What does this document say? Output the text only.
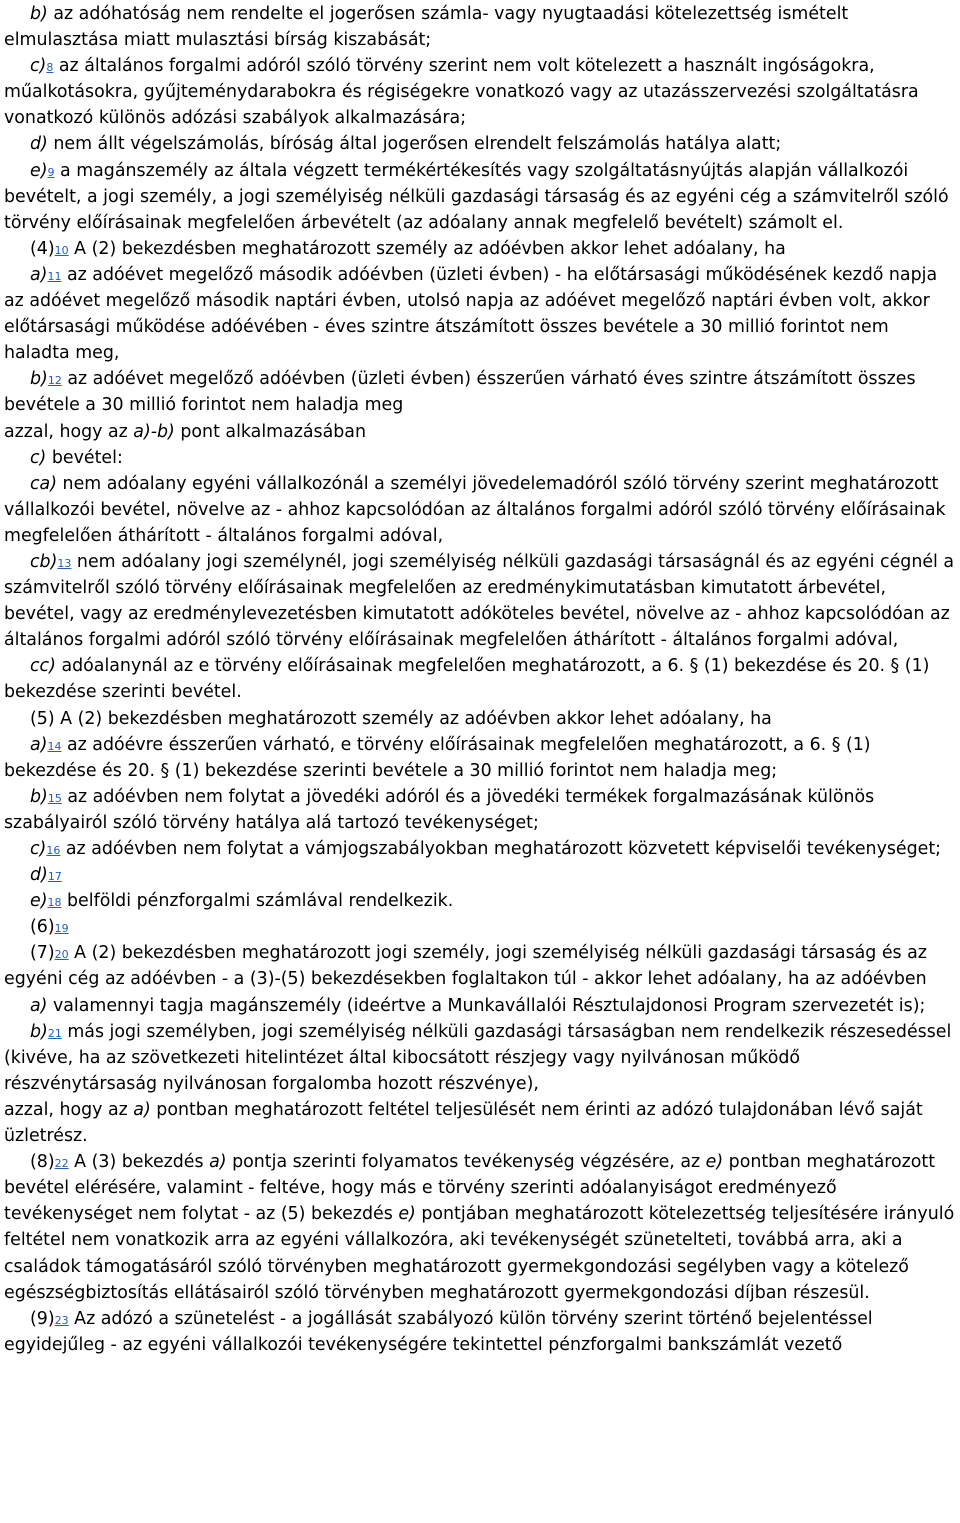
b) az adóhatóság nem rendelte el jogerősen számla- vagy nyugtaadási kötelezettség ismételt elmulasztása miatt mulasztási bírság kiszabását;

c)8 az általános forgalmi adóról szóló törvény szerint nem volt kötelezett a használt ingóságokra, műalkotásokra, gyűjteménydarabokra és régiségekre vonatkozó vagy az utazásszervezési szolgáltatásra vonatkozó különös adózási szabályok alkalmazására;

d) nem állt végelszámolás, bíróság által jogerősen elrendelt felszámolás hatálya alatt;

e)9 a magánszemély az általa végzett termékértékesítés vagy szolgáltatásnyújtás alapján vállalkozói bevételt, a jogi személy, a jogi személyiség nélküli gazdasági társaság és az egyéni cég a számvitelről szóló törvény előírásainak megfelelően árbevételt (az adóalany annak megfelelő bevételt) számolt el.

(4)10 A (2) bekezdésben meghatározott személy az adóévben akkor lehet adóalany, ha

a)11 az adóévet megelőző második adóévben (üzleti évben) - ha előtársasági működésének kezdő napja az adóévet megelőző második naptári évben, utolsó napja az adóévet megelőző naptári évben volt, akkor előtársasági működése adóévében - éves szintre átszámított összes bevétele a 30 millió forintot nem haladta meg,

b)12 az adóévet megelőző adóévben (üzleti évben) ésszerűen várható éves szintre átszámított összes bevétele a 30 millió forintot nem haladja meg

azzal, hogy az a)-b) pont alkalmazásában

c) bevétel:

ca) nem adóalany egyéni vállalkozónál a személyi jövedelemadóról szóló törvény szerint meghatározott vállalkozói bevétel, növelve az - ahhoz kapcsolódóan az általános forgalmi adóról szóló törvény előírásainak megfelelően áthárított - általános forgalmi adóval,

cb)13 nem adóalany jogi személynél, jogi személyiség nélküli gazdasági társaságnál és az egyéni cégnél a számvitelről szóló törvény előírásainak megfelelően az eredménykimutatásban kimutatott árbevétel, bevétel, vagy az eredménylevezetésben kimutatott adóköteles bevétel, növelve az - ahhoz kapcsolódóan az általános forgalmi adóról szóló törvény előírásainak megfelelően áthárított - általános forgalmi adóval,

cc) adóalanynál az e törvény előírásainak megfelelően meghatározott, a 6. § (1) bekezdése és 20. § (1) bekezdése szerinti bevétel.

(5) A (2) bekezdésben meghatározott személy az adóévben akkor lehet adóalany, ha

a)14 az adóévre ésszerűen várható, e törvény előírásainak megfelelően meghatározott, a 6. § (1) bekezdése és 20. § (1) bekezdése szerinti bevétele a 30 millió forintot nem haladja meg;

b)15 az adóévben nem folytat a jövedéki adóról és a jövedéki termékek forgalmazásának különös szabályairól szóló törvény hatálya alá tartozó tevékenységet;

c)16 az adóévben nem folytat a vámjogszabályokban meghatározott közvetett képviselői tevékenységet;

d)17

e)18 belföldi pénzforgalmi számlával rendelkezik.

(6)19

(7)20 A (2) bekezdésben meghatározott jogi személy, jogi személyiség nélküli gazdasági társaság és az egyéni cég az adóévben - a (3)-(5) bekezdésekben foglaltakon túl - akkor lehet adóalany, ha az adóévben

a) valamennyi tagja magánszemély (ideértve a Munkavállalói Résztulajdonosi Program szervezetét is);

b)21 más jogi személyben, jogi személyiség nélküli gazdasági társaságban nem rendelkezik részesedéssel (kivéve, ha az szövetkezeti hitelintézet által kibocsátott részjegy vagy nyilvánosan működő részvénytársaság nyilvánosan forgalomba hozott részvénye),

azzal, hogy az a) pontban meghatározott feltétel teljesülését nem érinti az adózó tulajdonában lévő saját üzletrész.

(8)22 A (3) bekezdés a) pontja szerinti folyamatos tevékenység végzésére, az e) pontban meghatározott bevétel elérésére, valamint - feltéve, hogy más e törvény szerinti adóalanyiságot eredményező tevékenységet nem folytat - az (5) bekezdés e) pontjában meghatározott kötelezettség teljesítésére irányuló feltétel nem vonatkozik arra az egyéni vállalkozóra, aki tevékenységét szünetelteti, továbbá arra, aki a családok támogatásáról szóló törvényben meghatározott gyermekgondozási segélyben vagy a kötelező egészségbiztosítás ellátásairól szóló törvényben meghatározott gyermekgondozási díjban részesül.

(9)23 Az adózó a szünetelést - a jogállását szabályozó külön törvény szerint történő bejelentéssel egyidejűleg - az egyéni vállalkozói tevékenységére tekintettel pénzforgalmi bankszámlát vezető
